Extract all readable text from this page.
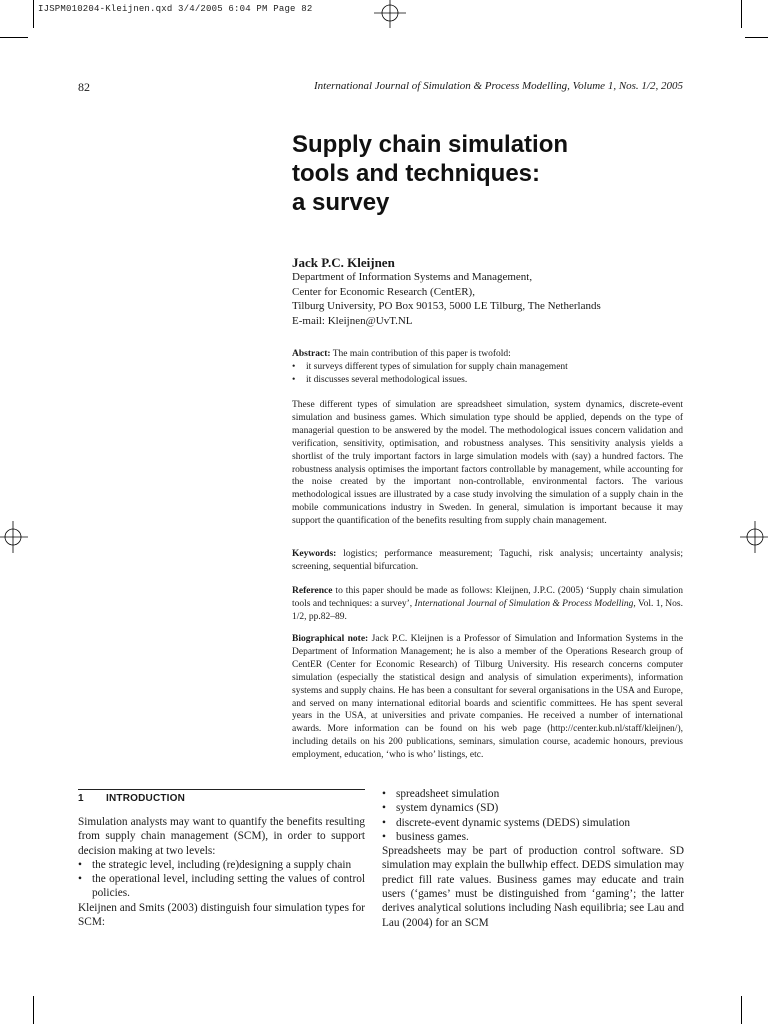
IJSPM010204-Kleijnen.qxd 3/4/2005 6:04 PM Page 82
82	International Journal of Simulation & Process Modelling, Volume 1, Nos. 1/2, 2005
Supply chain simulation
tools and techniques:
a survey
Jack P.C. Kleijnen
Department of Information Systems and Management,
Center for Economic Research (CentER),
Tilburg University, PO Box 90153, 5000 LE Tilburg, The Netherlands
E-mail: Kleijnen@UvT.NL
Abstract: The main contribution of this paper is twofold:
• it surveys different types of simulation for supply chain management
• it discusses several methodological issues.
These different types of simulation are spreadsheet simulation, system dynamics, discrete-event simulation and business games. Which simulation type should be applied, depends on the type of managerial question to be answered by the model. The methodological issues concern validation and verification, sensitivity, optimisation, and robustness analyses. This sensitivity analysis yields a shortlist of the truly important factors in large simulation models with (say) a hundred factors. The robustness analysis optimises the important factors controllable by management, while accounting for the noise created by the important non-controllable, environmental factors. The various methodological issues are illustrated by a case study involving the simulation of a supply chain in the mobile communications industry in Sweden. In general, simulation is important because it may support the quantification of the benefits resulting from supply chain management.
Keywords: logistics; performance measurement; Taguchi, risk analysis; uncertainty analysis; screening, sequential bifurcation.
Reference to this paper should be made as follows: Kleijnen, J.P.C. (2005) ‘Supply chain simulation tools and techniques: a survey’, International Journal of Simulation & Process Modelling, Vol. 1, Nos. 1/2, pp.82–89.
Biographical note: Jack P.C. Kleijnen is a Professor of Simulation and Information Systems in the Department of Information Management; he is also a member of the Operations Research group of CentER (Center for Economic Research) of Tilburg University. His research concerns computer simulation (especially the statistical design and analysis of simulation experiments), information systems and supply chains. He has been a consultant for several organisations in the USA and Europe, and served on many international editorial boards and scientific committees. He has spent several years in the USA, at universities and private companies. He received a number of international awards. More information can be found on his web page (http://center.kub.nl/staff/kleijnen/), including details on his 200 publications, seminars, simulation course, academic honours, previous employment, education, ‘who is who’ listings, etc.
1 INTRODUCTION

Simulation analysts may want to quantify the benefits resulting from supply chain management (SCM), in order to support decision making at two levels:

• the strategic level, including (re)designing a supply chain
• the operational level, including setting the values of control policies.

Kleijnen and Smits (2003) distinguish four simulation types for SCM:

• spreadsheet simulation
• system dynamics (SD)
• discrete-event dynamic systems (DEDS) simulation
• business games.

Spreadsheets may be part of production control software. SD simulation may explain the bullwhip effect. DEDS simulation may predict fill rate values. Business games may educate and train users (‘games’ must be distinguished from ‘gaming’; the latter derives analytical solutions including Nash equilibria; see Lau and Lau (2004) for an SCM
